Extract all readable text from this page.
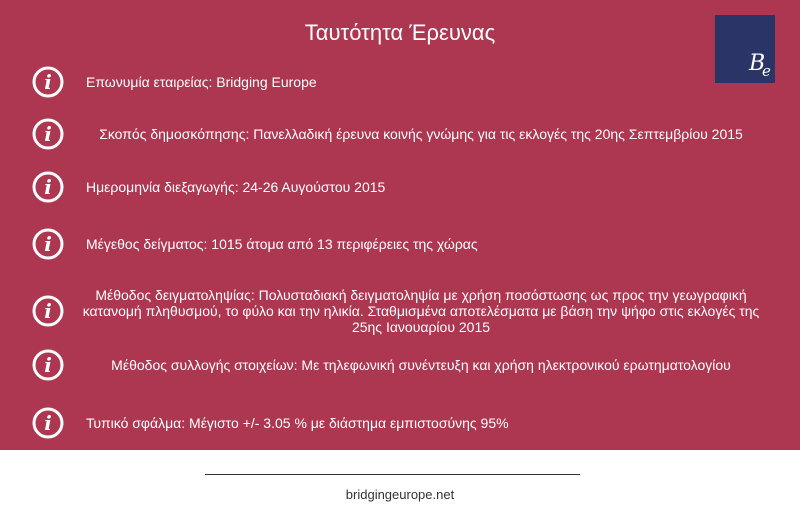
Ταυτότητα Έρευνας
B
e
i	Επωνυμία εταιρείας: Bridging Europe
i	Σκοπός δημοσκόπησης: Πανελλαδική έρευνα κοινής γνώμης για τις εκλογές της 20ης Σεπτεμβρίου 2015
i	Ημερομηνία διεξαγωγής: 24-26 Αυγούστου 2015
i	Μέγεθος δείγματος: 1015 άτομα από 13 περιφέρειες της χώρας
i
Μέθοδος δειγματοληψίας: Πολυσταδιακή δειγματοληψία με χρήση ποσόστωσης ως προς την γεωγραφική κατανομή πληθυσμού, το φύλο και την ηλικία. Σταθμισμένα αποτελέσματα με βάση την ψήφο στις εκλογές της 25ης Ιανουαρίου 2015
i	Μέθοδος συλλογής στοιχείων: Με τηλεφωνική συνέντευξη και χρήση ηλεκτρονικού ερωτηματολογίου
i	Τυπικό σφάλμα: Μέγιστο +/- 3.05 % με διάστημα εμπιστοσύνης 95%
bridgingeurope.net
